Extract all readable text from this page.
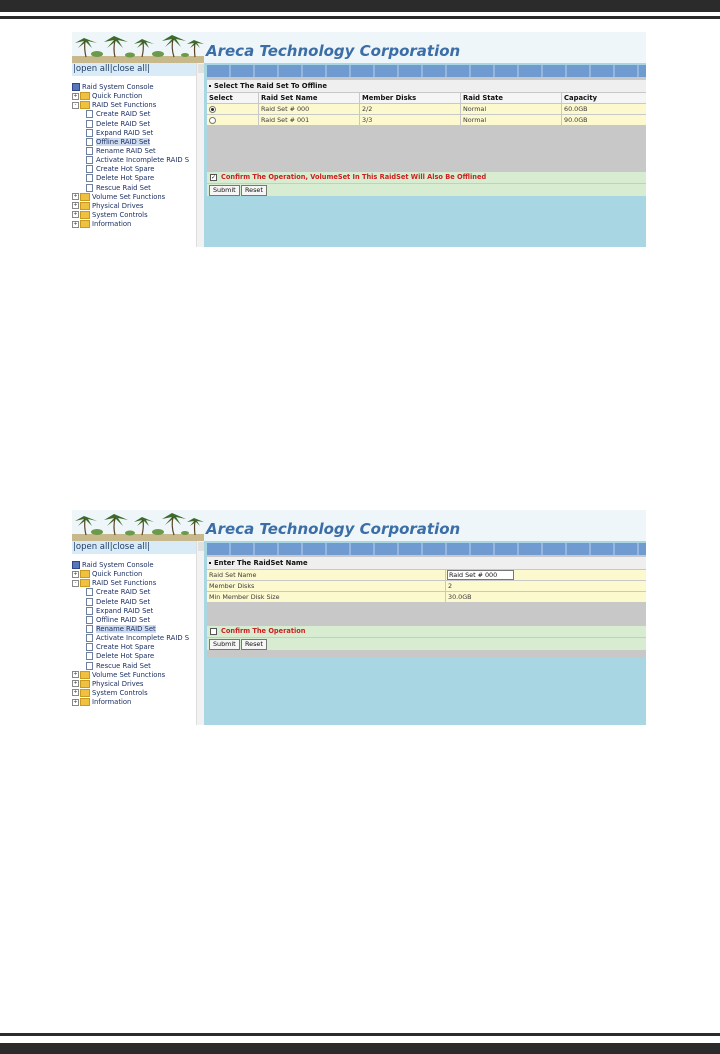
Areca Technology Corporation
|open all|close all|
Raid System Console
+ Quick Function
- RAID Set Functions
Create RAID Set
Delete RAID Set
Expand RAID Set
Offline RAID Set
Rename RAID Set
Activate Incomplete RAID S
Create Hot Spare
Delete Hot Spare
Rescue Raid Set
+ Volume Set Functions
+ Physical Drives
+ System Controls
+ Information
Select The Raid Set To Offline
Select	Raid Set Name	Member Disks	Raid State	Capacity
Raid Set # 000	2/2	Normal	60.0GB
Raid Set # 001	3/3	Normal	90.0GB
✓ Confirm The Operation, VolumeSet In This RaidSet Will Also Be Offlined
Submit	Reset
Areca Technology Corporation
|open all|close all|
Raid System Console
+ Quick Function
- RAID Set Functions
Create RAID Set
Delete RAID Set
Expand RAID Set
Offline RAID Set
Rename RAID Set
Activate Incomplete RAID S
Create Hot Spare
Delete Hot Spare
Rescue Raid Set
+ Volume Set Functions
+ Physical Drives
+ System Controls
+ Information
Enter The RaidSet Name
Raid Set Name	Raid Set # 000
Member Disks	2
Min Member Disk Size	30.0GB
Confirm The Operation
Submit	Reset
